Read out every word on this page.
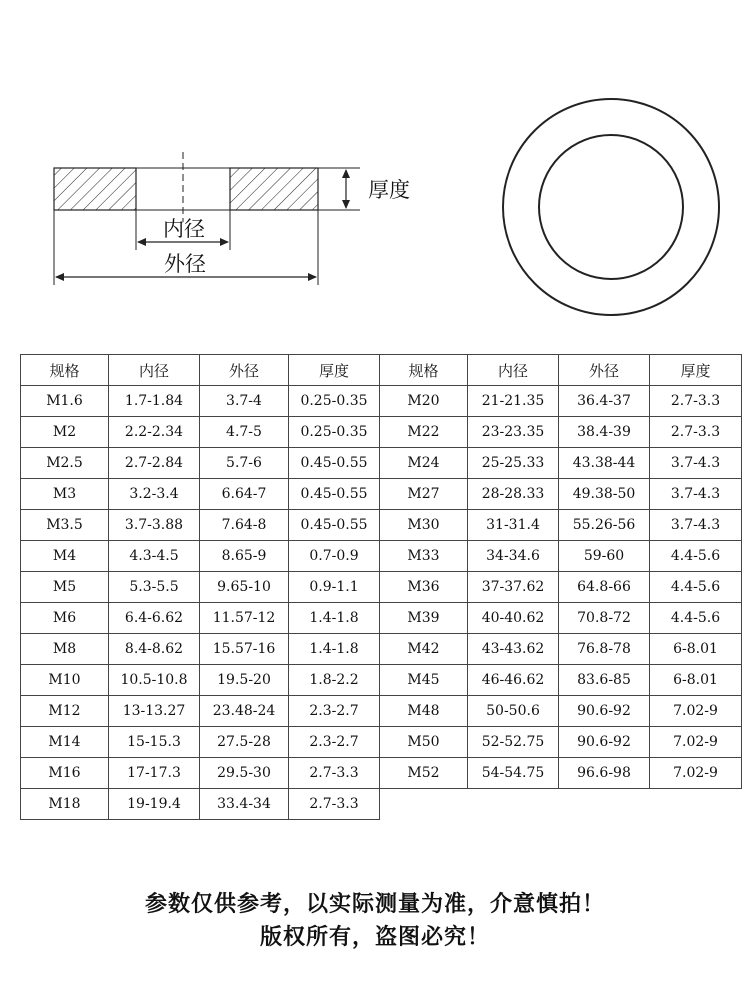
厚度
内径
外径
规格	内径	外径	厚度	规格	内径	外径	厚度
M1.6	1.7-1.84	3.7-4	0.25-0.35	M20	21-21.35	36.4-37	2.7-3.3
M2	2.2-2.34	4.7-5	0.25-0.35	M22	23-23.35	38.4-39	2.7-3.3
M2.5	2.7-2.84	5.7-6	0.45-0.55	M24	25-25.33	43.38-44	3.7-4.3
M3	3.2-3.4	6.64-7	0.45-0.55	M27	28-28.33	49.38-50	3.7-4.3
M3.5	3.7-3.88	7.64-8	0.45-0.55	M30	31-31.4	55.26-56	3.7-4.3
M4	4.3-4.5	8.65-9	0.7-0.9	M33	34-34.6	59-60	4.4-5.6
M5	5.3-5.5	9.65-10	0.9-1.1	M36	37-37.62	64.8-66	4.4-5.6
M6	6.4-6.62	11.57-12	1.4-1.8	M39	40-40.62	70.8-72	4.4-5.6
M8	8.4-8.62	15.57-16	1.4-1.8	M42	43-43.62	76.8-78	6-8.01
M10	10.5-10.8	19.5-20	1.8-2.2	M45	46-46.62	83.6-85	6-8.01
M12	13-13.27	23.48-24	2.3-2.7	M48	50-50.6	90.6-92	7.02-9
M14	15-15.3	27.5-28	2.3-2.7	M50	52-52.75	90.6-92	7.02-9
M16	17-17.3	29.5-30	2.7-3.3	M52	54-54.75	96.6-98	7.02-9
M18	19-19.4	33.4-34	2.7-3.3				
参数仅供参考，以实际测量为准，介意慎拍！
版权所有，盗图必究！
